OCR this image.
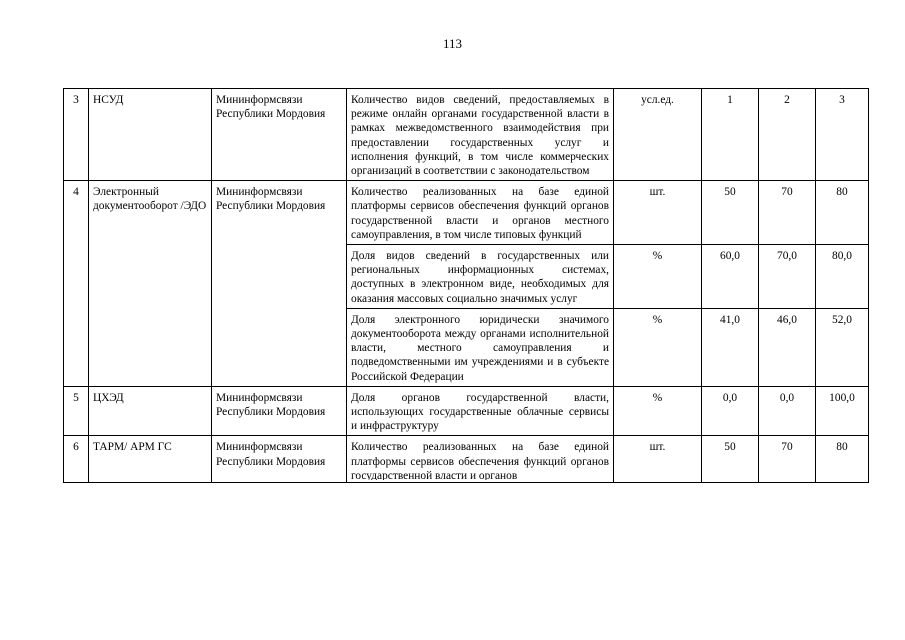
113
3	НСУД	Мининформсвязи Республики Мордовия	Количество видов сведений, предоставляемых в режиме онлайн органами государственной власти в рамках межведомственного взаимодействия при предоставлении государственных услуг и исполнения функций, в том числе коммерческих организаций в соответствии с законодательством	усл.ед.	1	2	3
4	Электронный документооборот /ЭДО	Мининформсвязи Республики Мордовия	Количество реализованных на базе единой платформы сервисов обеспечения функций органов государственной власти и органов местного самоуправления, в том числе типовых функций	шт.	50	70	80
			Доля видов сведений в государственных или региональных информационных системах, доступных в электронном виде, необходимых для оказания массовых социально значимых услуг	%	60,0	70,0	80,0
			Доля электронного юридически значимого документооборота между органами исполнительной власти, местного самоуправления и подведомственными им учреждениями и в субъекте Российской Федерации	%	41,0	46,0	52,0
5	ЦХЭД	Мининформсвязи Республики Мордовия	Доля органов государственной власти, использующих государственные облачные сервисы и инфраструктуру	%	0,0	0,0	100,0
6	ТАРМ/ АРМ ГС	Мининформсвязи Республики Мордовия	Количество реализованных на базе единой платформы сервисов обеспечения функций органов государственной власти и органов	шт.	50	70	80
